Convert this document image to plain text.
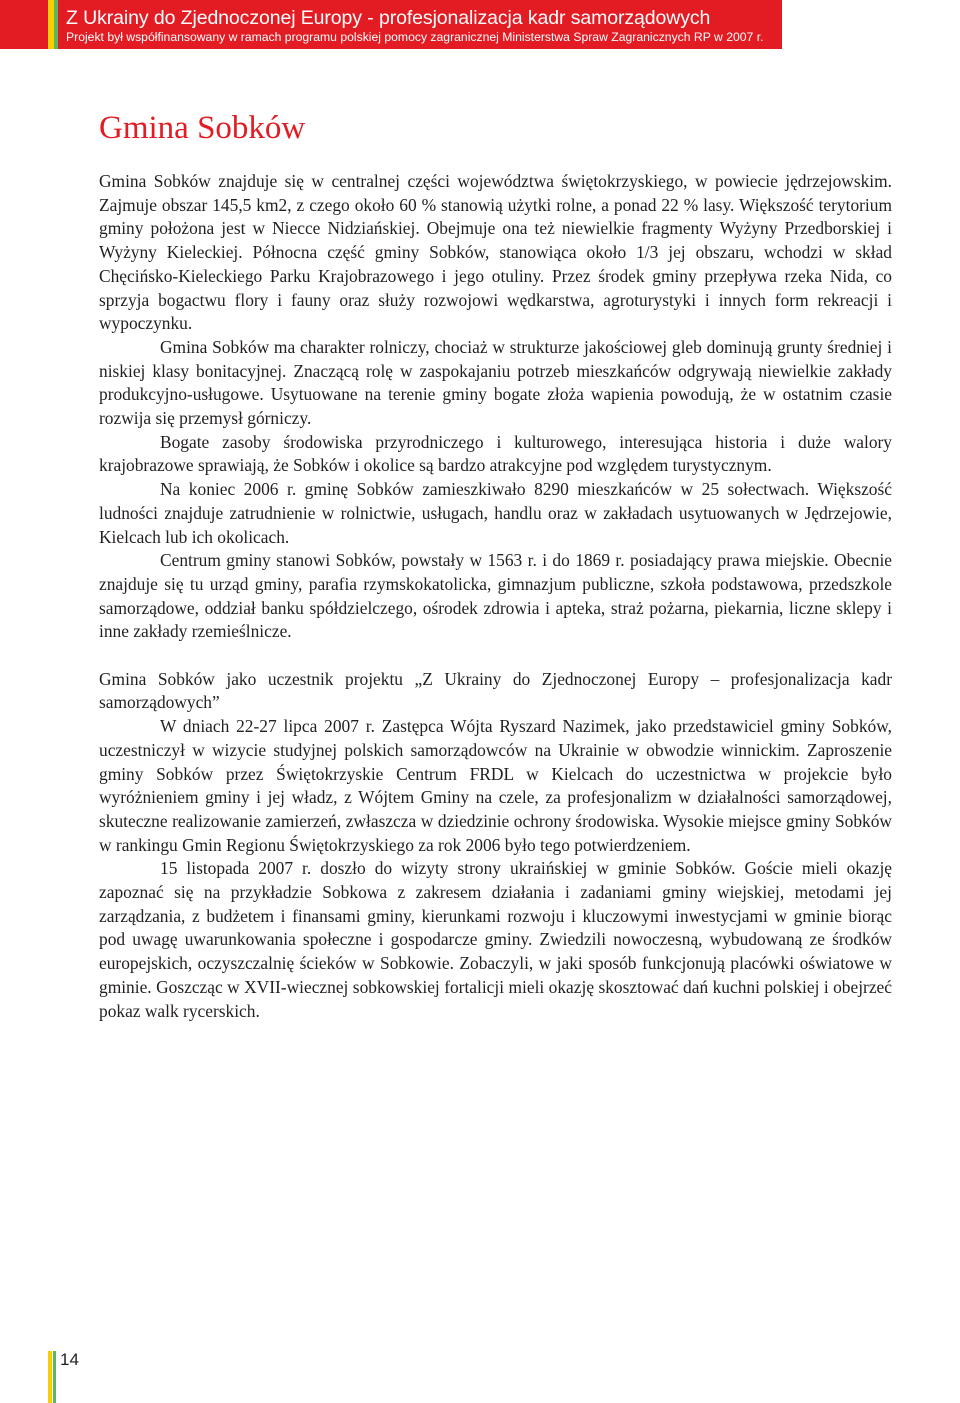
Z Ukrainy do Zjednoczonej Europy - profesjonalizacja kadr samorządowych
Projekt był współfinansowany w ramach programu polskiej pomocy zagranicznej Ministerstwa Spraw Zagranicznych RP w 2007 r.
Gmina Sobków

Gmina Sobków znajduje się w centralnej części województwa świętokrzyskiego, w powiecie jędrzejowskim. Zajmuje obszar 145,5 km2, z czego około 60 % stanowią użytki rolne, a ponad 22 % lasy. Większość terytorium gminy położona jest w Niecce Nidziańskiej. Obejmuje ona też niewielkie fragmenty Wyżyny Przedborskiej i Wyżyny Kieleckiej. Północna część gminy Sobków, stanowiąca około 1/3 jej obszaru, wchodzi w skład Chęcińsko-Kieleckiego Parku Krajobrazowego i jego otuliny. Przez środek gminy przepływa rzeka Nida, co sprzyja bogactwu flory i fauny oraz służy rozwojowi wędkarstwa, agroturystyki i innych form rekreacji i wypoczynku.

Gmina Sobków ma charakter rolniczy, chociaż w strukturze jakościowej gleb dominują grunty średniej i niskiej klasy bonitacyjnej. Znaczącą rolę w zaspokajaniu potrzeb mieszkańców odgrywają niewielkie zakłady produkcyjno-usługowe. Usytuowane na terenie gminy bogate złoża wapienia powodują, że w ostatnim czasie rozwija się przemysł górniczy.

Bogate zasoby środowiska przyrodniczego i kulturowego, interesująca historia i duże walory krajobrazowe sprawiają, że Sobków i okolice są bardzo atrakcyjne pod względem turystycznym.

Na koniec 2006 r. gminę Sobków zamieszkiwało 8290 mieszkańców w 25 sołectwach. Większość ludności znajduje zatrudnienie w rolnictwie, usługach, handlu oraz w zakładach usytuowanych w Jędrzejowie, Kielcach lub ich okolicach.

Centrum gminy stanowi Sobków, powstały w 1563 r. i do 1869 r. posiadający prawa miejskie. Obecnie znajduje się tu urząd gminy, parafia rzymskokatolicka, gimnazjum publiczne, szkoła podstawowa, przedszkole samorządowe, oddział banku spółdzielczego, ośrodek zdrowia i apteka, straż pożarna, piekarnia, liczne sklepy i inne zakłady rzemieślnicze.

Gmina Sobków jako uczestnik projektu „Z Ukrainy do Zjednoczonej Europy – profesjonalizacja kadr samorządowych”

W dniach 22-27 lipca 2007 r. Zastępca Wójta Ryszard Nazimek, jako przedstawiciel gminy Sobków, uczestniczył w wizycie studyjnej polskich samorządowców na Ukrainie w obwodzie winnickim. Zaproszenie gminy Sobków przez Świętokrzyskie Centrum FRDL w Kielcach do uczestnictwa w projekcie było wyróżnieniem gminy i jej władz, z Wójtem Gminy na czele, za profesjonalizm w działalności samorządowej, skuteczne realizowanie zamierzeń, zwłaszcza w dziedzinie ochrony środowiska. Wysokie miejsce gminy Sobków w rankingu Gmin Regionu Świętokrzyskiego za rok 2006 było tego potwierdzeniem.

15 listopada 2007 r. doszło do wizyty strony ukraińskiej w gminie Sobków. Goście mieli okazję zapoznać się na przykładzie Sobkowa z zakresem działania i zadaniami gminy wiejskiej, metodami jej zarządzania, z budżetem i finansami gminy, kierunkami rozwoju i kluczowymi inwestycjami w gminie biorąc pod uwagę uwarunkowania społeczne i gospodarcze gminy. Zwiedzili nowoczesną, wybudowaną ze środków europejskich, oczyszczalnię ścieków w Sobkowie. Zobaczyli, w jaki sposób funkcjonują placówki oświatowe w gminie. Goszcząc w XVII-wiecznej sobkowskiej fortalicji mieli okazję skosztować dań kuchni polskiej i obejrzeć pokaz walk rycerskich.

14
